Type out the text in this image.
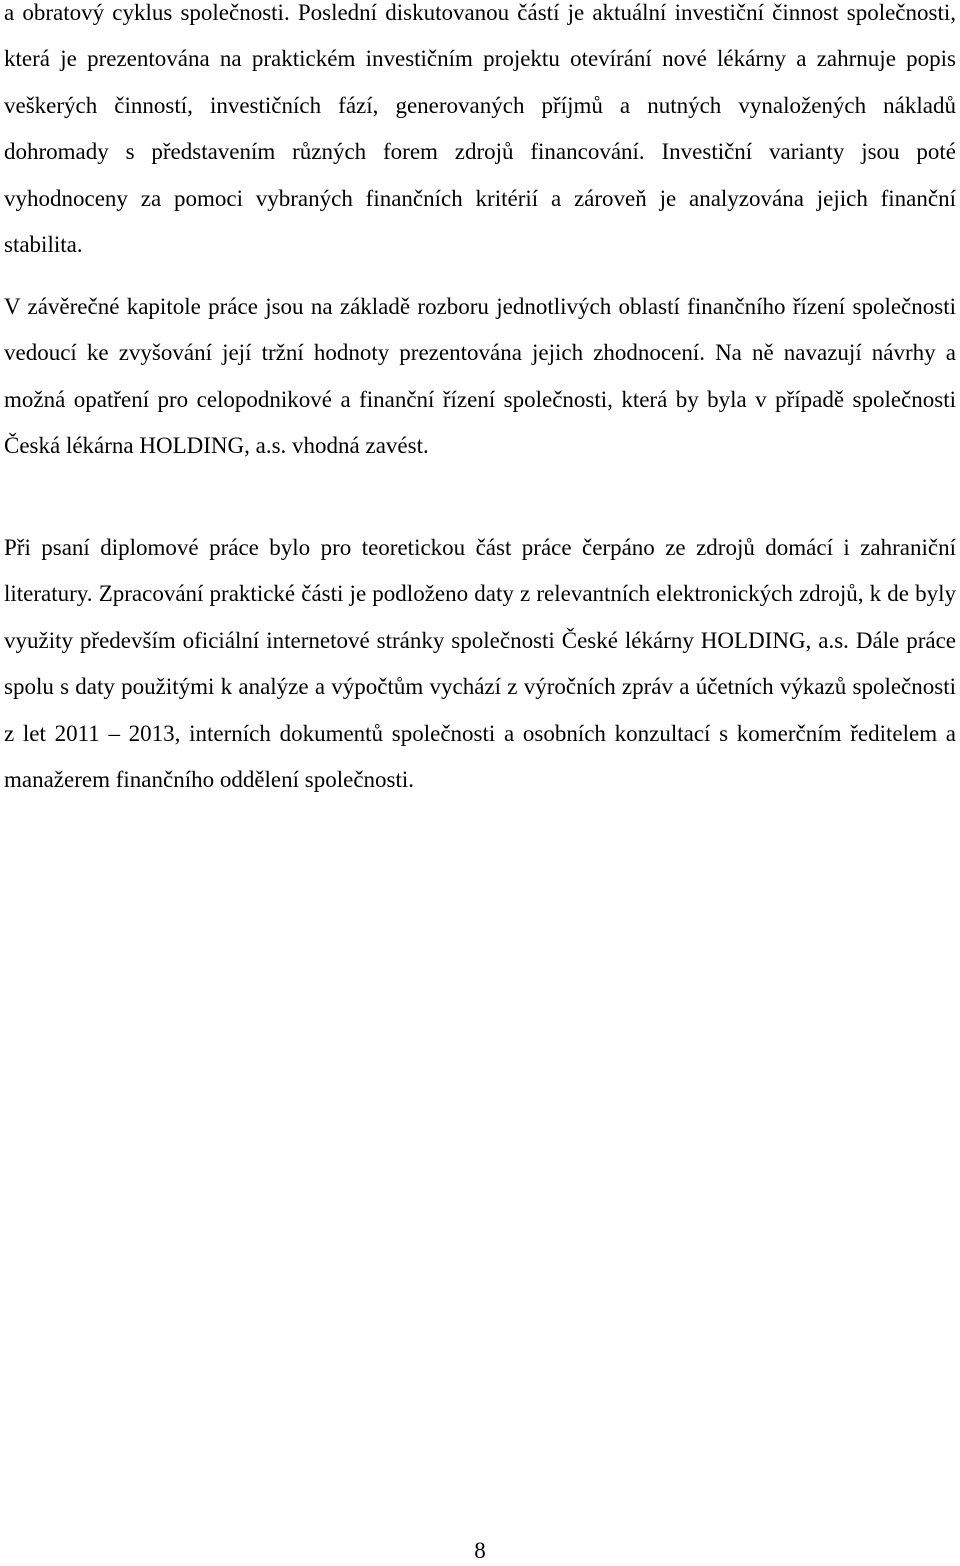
a obratový cyklus společnosti. Poslední diskutovanou částí je aktuální investiční činnost společnosti, která je prezentována na praktickém investičním projektu otevírání nové lékárny a zahrnuje popis veškerých činností, investičních fází, generovaných příjmů a nutných vynaložených nákladů dohromady s představením různých forem zdrojů financování. Investiční varianty jsou poté vyhodnoceny za pomoci vybraných finančních kritérií a zároveň je analyzována jejich finanční stabilita.

V závěrečné kapitole práce jsou na základě rozboru jednotlivých oblastí finančního řízení společnosti vedoucí ke zvyšování její tržní hodnoty prezentována jejich zhodnocení. Na ně navazují návrhy a možná opatření pro celopodnikové a finanční řízení společnosti, která by byla v případě společnosti Česká lékárna HOLDING, a.s. vhodná zavést.

Při psaní diplomové práce bylo pro teoretickou část práce čerpáno ze zdrojů domácí i zahraniční literatury. Zpracování praktické části je podloženo daty z relevantních elektronických zdrojů, k de byly využity především oficiální internetové stránky společnosti České lékárny HOLDING, a.s. Dále práce spolu s daty použitými k analýze a výpočtům vychází z výročních zpráv a účetních výkazů společnosti z let 2011 – 2013, interních dokumentů společnosti a osobních konzultací s komerčním ředitelem a manažerem finančního oddělení společnosti.

8
